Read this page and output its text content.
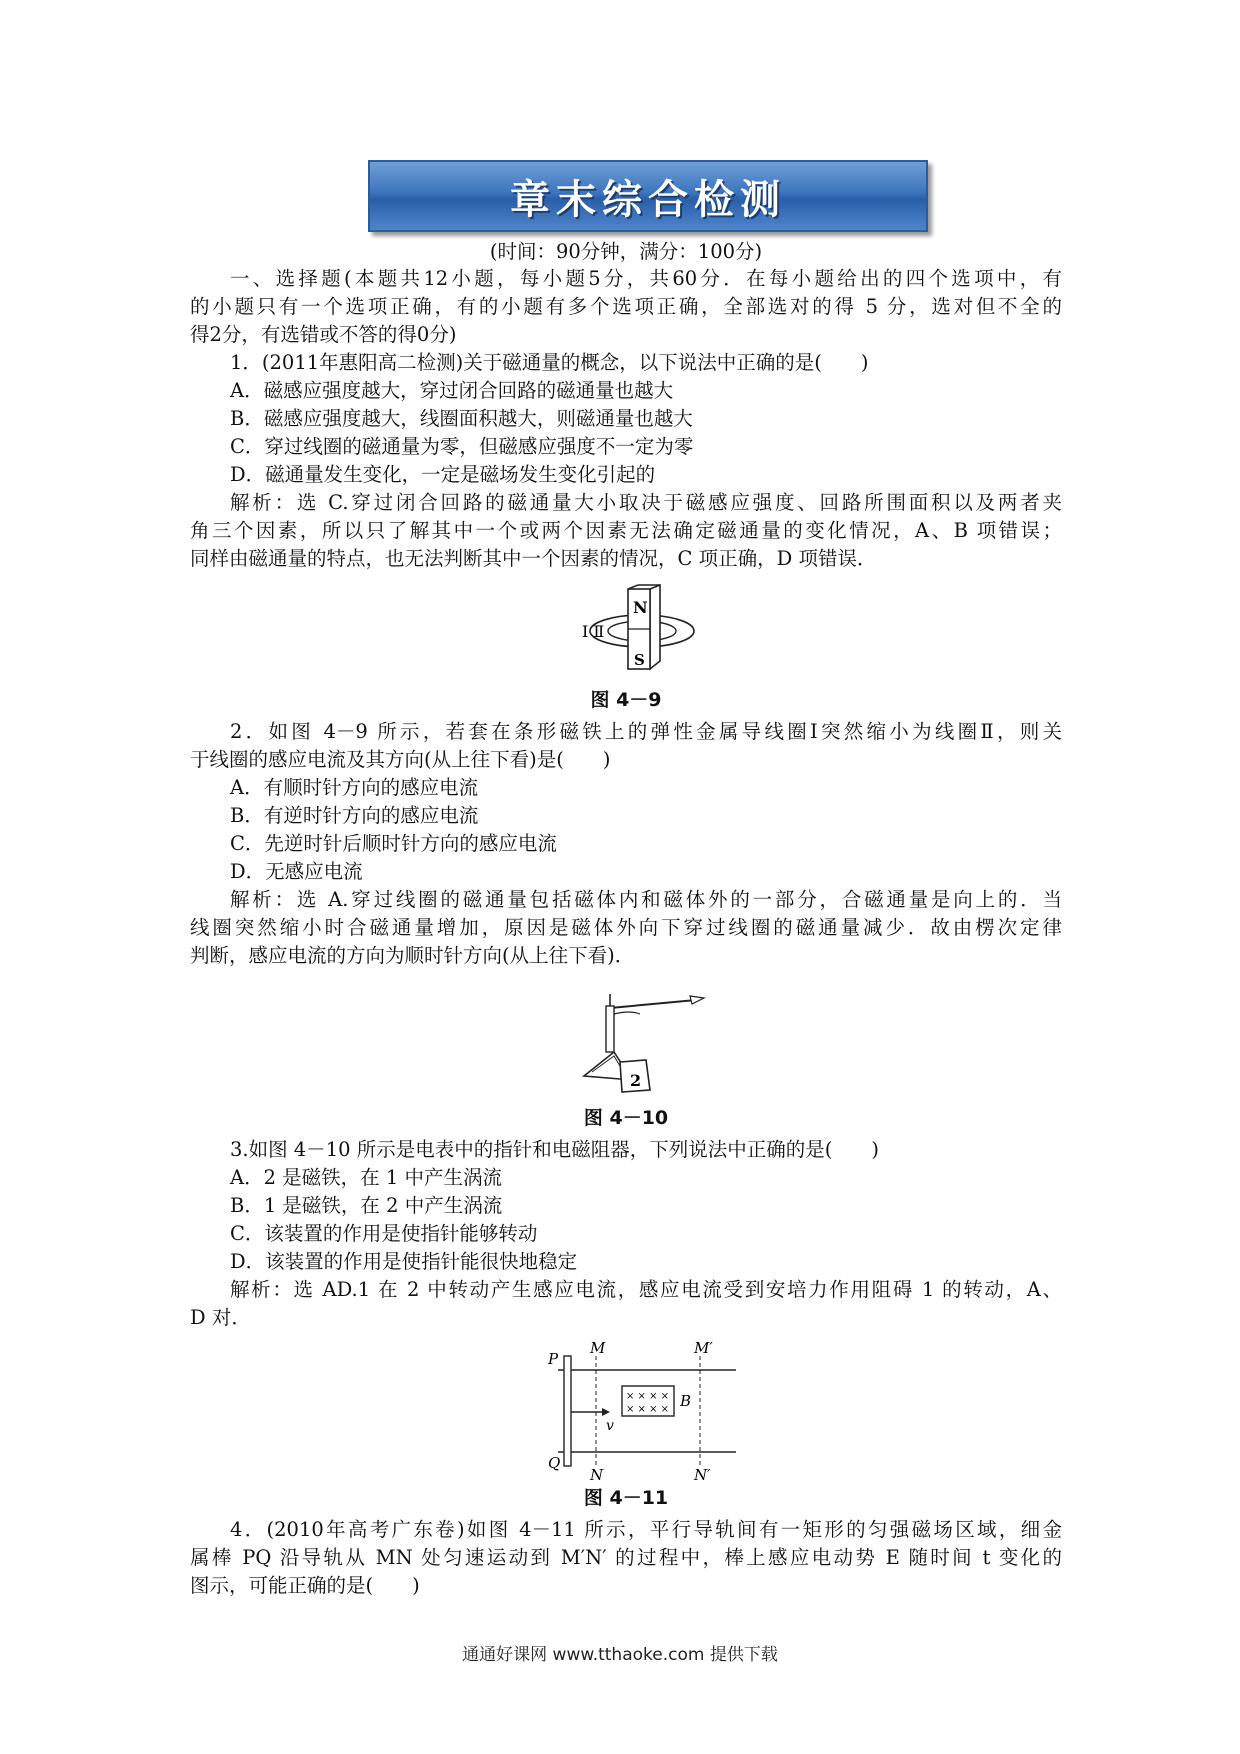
章末综合检测
(时间：90分钟，满分：100分)
一、选择题(本题共12小题，每小题5分，共60分．在每小题给出的四个选项中，有
的小题只有一个选项正确，有的小题有多个选项正确，全部选对的得 5 分，选对但不全的
得2分，有选错或不答的得0分)
1．(2011年惠阳高二检测)关于磁通量的概念，以下说法中正确的是(　　)
A．磁感应强度越大，穿过闭合回路的磁通量也越大
B．磁感应强度越大，线圈面积越大，则磁通量也越大
C．穿过线圈的磁通量为零，但磁感应强度不一定为零
D．磁通量发生变化，一定是磁场发生变化引起的
解析：选 C.穿过闭合回路的磁通量大小取决于磁感应强度、回路所围面积以及两者夹
角三个因素，所以只了解其中一个或两个因素无法确定磁通量的变化情况，A、B 项错误；
同样由磁通量的特点，也无法判断其中一个因素的情况，C 项正确，D 项错误．
N
S
Ⅰ Ⅱ
图 4－9
2．如图 4－9 所示，若套在条形磁铁上的弹性金属导线圈Ⅰ突然缩小为线圈Ⅱ，则关
于线圈的感应电流及其方向(从上往下看)是(　　)
A．有顺时针方向的感应电流
B．有逆时针方向的感应电流
C．先逆时针后顺时针方向的感应电流
D．无感应电流
解析：选 A.穿过线圈的磁通量包括磁体内和磁体外的一部分，合磁通量是向上的．当
线圈突然缩小时合磁通量增加，原因是磁体外向下穿过线圈的磁通量减少．故由楞次定律
判断，感应电流的方向为顺时针方向(从上往下看)．
2
图 4－10
3.如图 4－10 所示是电表中的指针和电磁阻器，下列说法中正确的是(　　)
A．2 是磁铁，在 1 中产生涡流
B．1 是磁铁，在 2 中产生涡流
C．该装置的作用是使指针能够转动
D．该装置的作用是使指针能很快地稳定
解析：选 AD.1 在 2 中转动产生感应电流，感应电流受到安培力作用阻碍 1 的转动，A、
D 对．
× × × ×
× × × ×
P
Q
M
N
M′
N′
B
v
图 4－11
4．(2010年高考广东卷)如图 4－11 所示，平行导轨间有一矩形的匀强磁场区域，细金
属棒 PQ 沿导轨从 MN 处匀速运动到 M′N′ 的过程中，棒上感应电动势 E 随时间 t 变化的
图示，可能正确的是(　　)
通通好课网 www.tthaoke.com 提供下载
